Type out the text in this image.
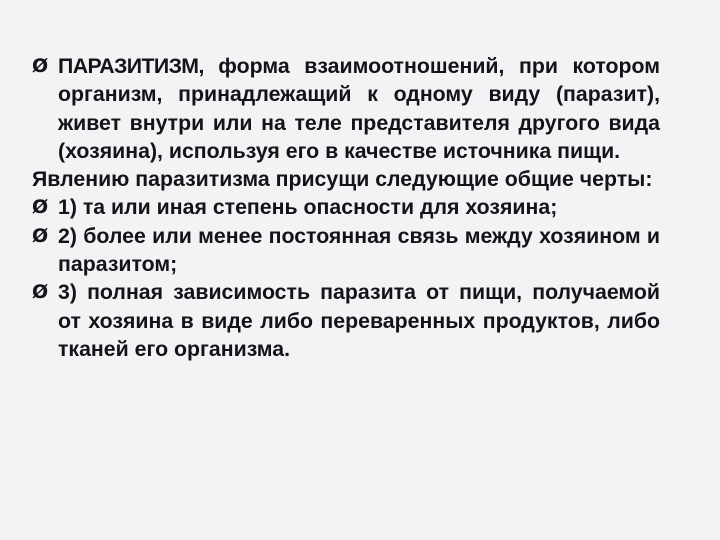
Ø ПАРАЗИТИЗМ, форма взаимоотношений, при котором организм, принадлежащий к одному виду (паразит), живет внутри или на теле представителя другого вида (хозяина), используя его в качестве источника пищи.

Явлению паразитизма присущи следующие общие черты:

Ø 1) та или иная степень опасности для хозяина;

Ø 2) более или менее постоянная связь между хозяином и паразитом;

Ø 3) полная зависимость паразита от пищи, получаемой от хозяина в виде либо переваренных продуктов, либо тканей его организма.
